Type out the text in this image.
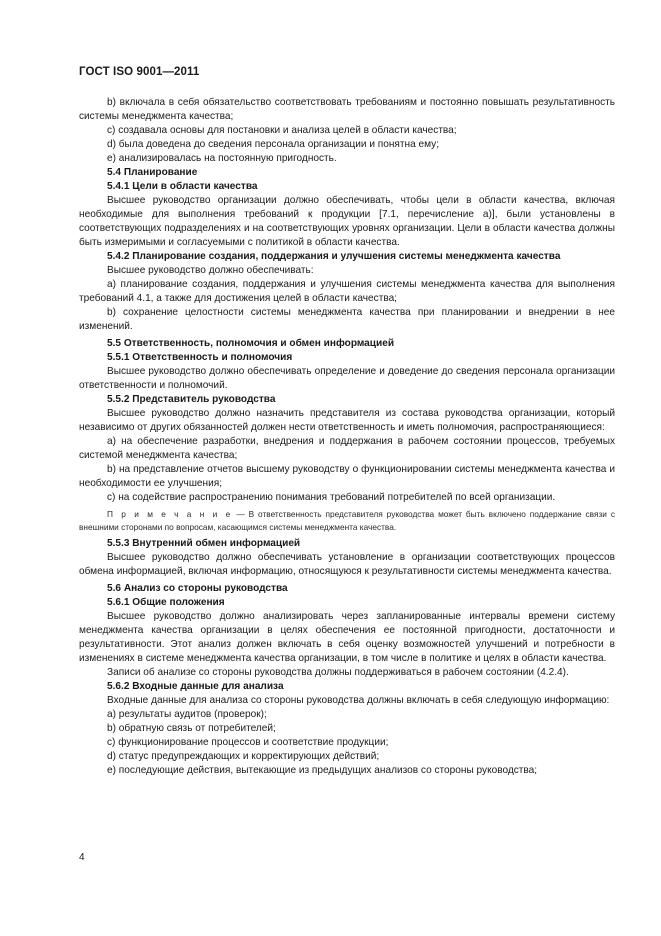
ГОСТ ISO 9001—2011

b) включала в себя обязательство соответствовать требованиям и постоянно повышать результативность системы менеджмента качества;

c) создавала основы для постановки и анализа целей в области качества;

d) была доведена до сведения персонала организации и понятна ему;

e) анализировалась на постоянную пригодность.

5.4 Планирование

5.4.1 Цели в области качества

Высшее руководство организации должно обеспечивать, чтобы цели в области качества, включая необходимые для выполнения требований к продукции [7.1, перечисление а)], были установлены в соответствующих подразделениях и на соответствующих уровнях организации. Цели в области качества должны быть измеримыми и согласуемыми с политикой в области качества.

5.4.2 Планирование создания, поддержания и улучшения системы менеджмента качества

Высшее руководство должно обеспечивать:

а) планирование создания, поддержания и улучшения системы менеджмента качества для выполнения требований 4.1, а также для достижения целей в области качества;

b) сохранение целостности системы менеджмента качества при планировании и внедрении в нее изменений.

5.5 Ответственность, полномочия и обмен информацией

5.5.1 Ответственность и полномочия

Высшее руководство должно обеспечивать определение и доведение до сведения персонала организации ответственности и полномочий.

5.5.2 Представитель руководства

Высшее руководство должно назначить представителя из состава руководства организации, который независимо от других обязанностей должен нести ответственность и иметь полномочия, распространяющиеся:

а) на обеспечение разработки, внедрения и поддержания в рабочем состоянии процессов, требуемых системой менеджмента качества;

b) на представление отчетов высшему руководству о функционировании системы менеджмента качества и необходимости ее улучшения;

c) на содействие распространению понимания требований потребителей по всей организации.

П р и м е ч а н и е — В ответственность представителя руководства может быть включено поддержание связи с внешними сторонами по вопросам, касающимся системы менеджмента качества.

5.5.3 Внутренний обмен информацией

Высшее руководство должно обеспечивать установление в организации соответствующих процессов обмена информацией, включая информацию, относящуюся к результативности системы менеджмента качества.

5.6 Анализ со стороны руководства

5.6.1 Общие положения

Высшее руководство должно анализировать через запланированные интервалы времени систему менеджмента качества организации в целях обеспечения ее постоянной пригодности, достаточности и результативности. Этот анализ должен включать в себя оценку возможностей улучшений и потребности в изменениях в системе менеджмента качества организации, в том числе в политике и целях в области качества.

Записи об анализе со стороны руководства должны поддерживаться в рабочем состоянии (4.2.4).

5.6.2 Входные данные для анализа

Входные данные для анализа со стороны руководства должны включать в себя следующую информацию:

а) результаты аудитов (проверок);

b) обратную связь от потребителей;

c) функционирование процессов и соответствие продукции;

d) статус предупреждающих и корректирующих действий;

e) последующие действия, вытекающие из предыдущих анализов со стороны руководства;

4
